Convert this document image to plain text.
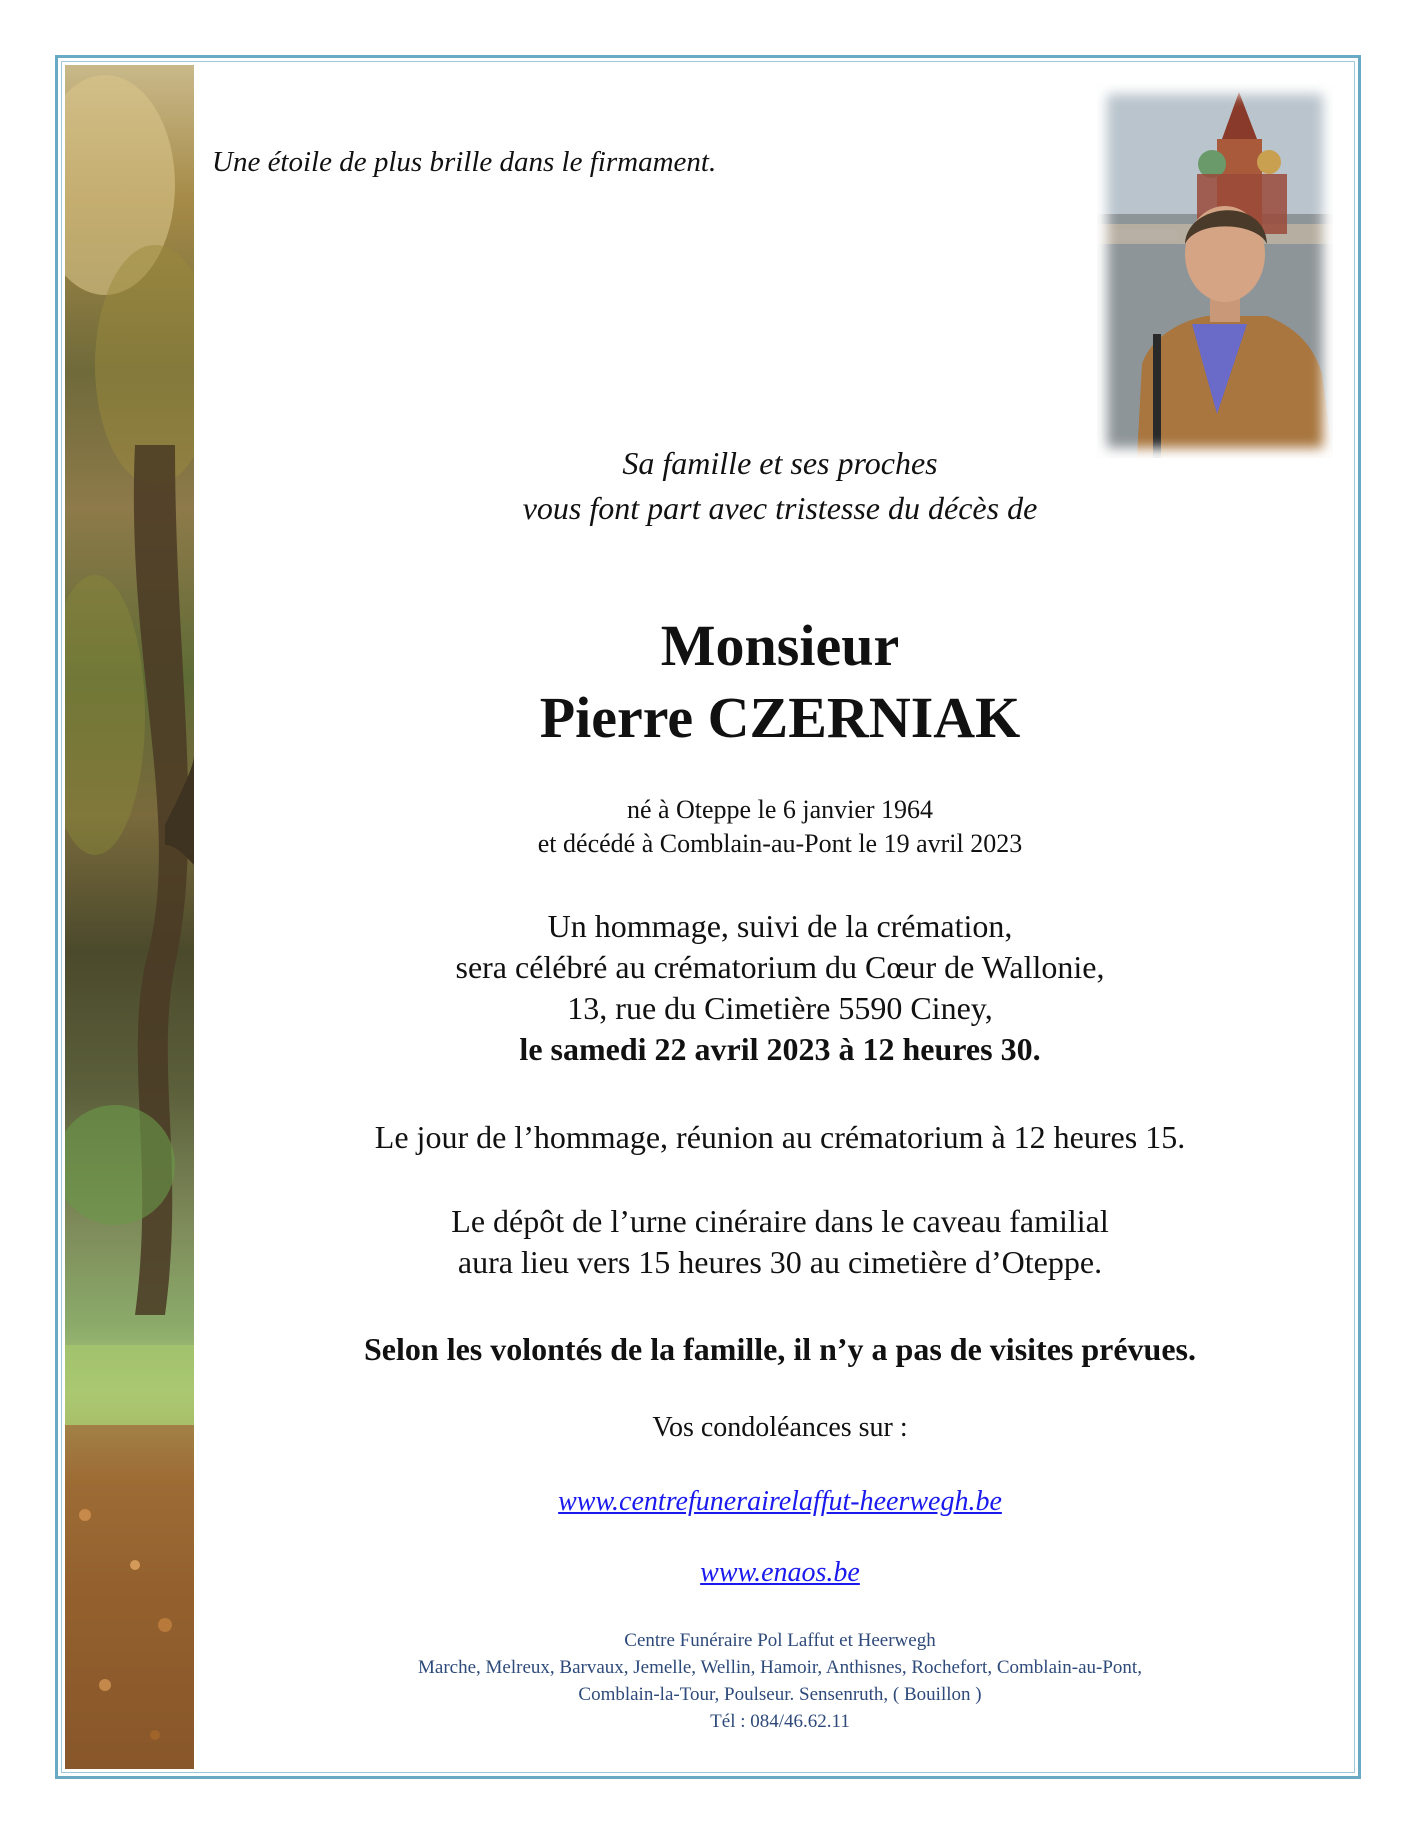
Une étoile de plus brille dans le firmament.
Sa famille et ses proches
vous font part avec tristesse du décès de
Monsieur
Pierre CZERNIAK
né à Oteppe le 6 janvier 1964
et décédé à Comblain-au-Pont le 19 avril 2023
Un hommage, suivi de la crémation,
sera célébré au crématorium du Cœur de Wallonie,
13, rue du Cimetière 5590 Ciney,
le samedi 22 avril 2023 à 12 heures 30.
Le jour de l’hommage, réunion au crématorium à 12 heures 15.
Le dépôt de l’urne cinéraire dans le caveau familial
aura lieu vers 15 heures 30 au cimetière d’Oteppe.
Selon les volontés de la famille, il n’y a pas de visites prévues.
Vos condoléances sur :
www.centrefunerairelaffut-heerwegh.be
www.enaos.be
Centre Funéraire Pol Laffut et Heerwegh
Marche, Melreux, Barvaux, Jemelle, Wellin, Hamoir, Anthisnes, Rochefort, Comblain-au-Pont,
Comblain-la-Tour, Poulseur. Sensenruth, ( Bouillon )
Tél : 084/46.62.11
